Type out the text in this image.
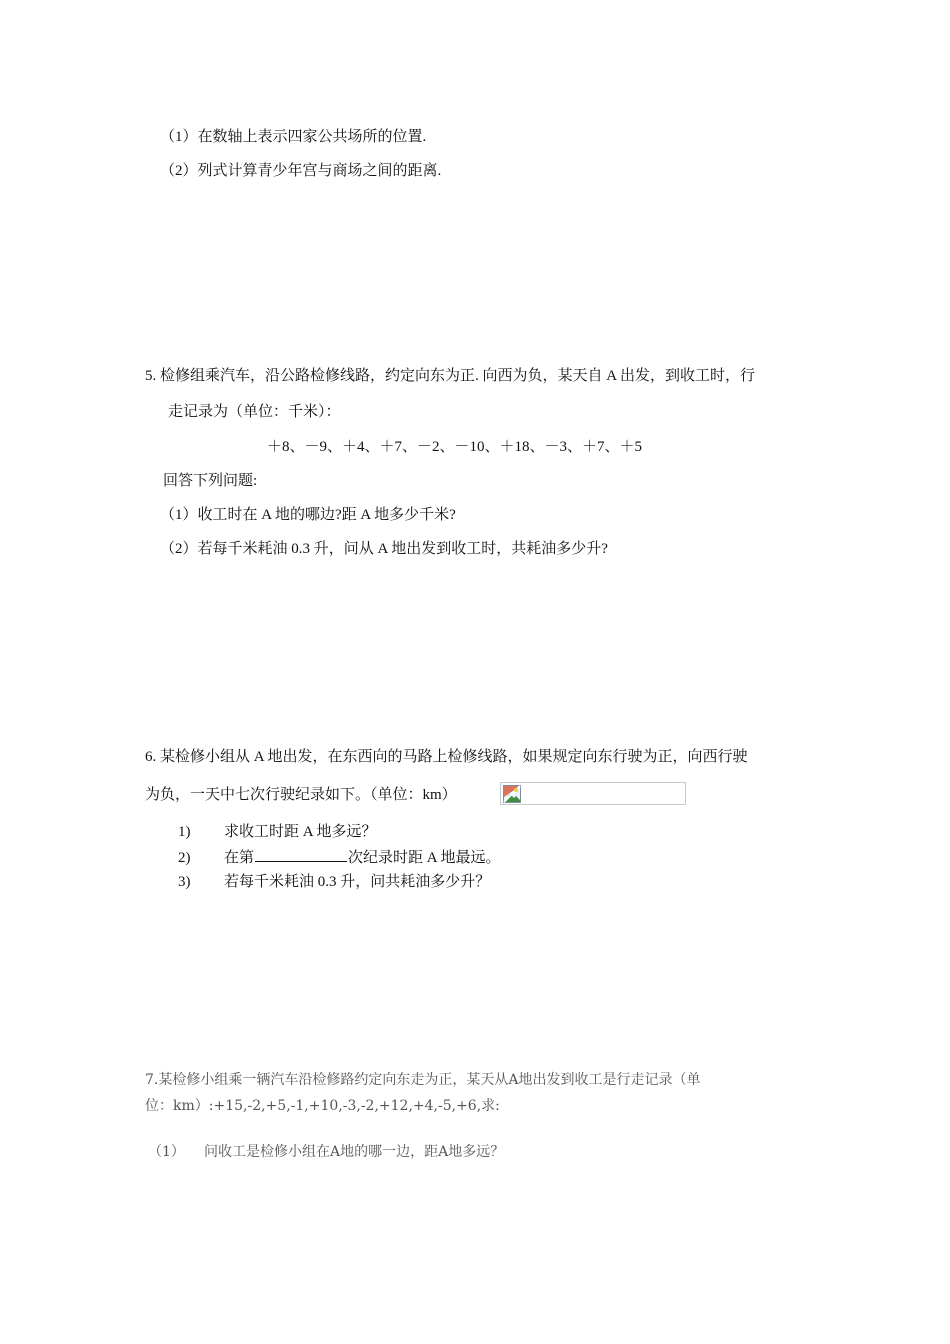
（1）在数轴上表示四家公共场所的位置.
（2）列式计算青少年宫与商场之间的距离.
5. 检修组乘汽车，沿公路检修线路，约定向东为正. 向西为负，某天自 A 出发，到收工时，行
走记录为（单位：千米）：
＋8、－9、＋4、＋7、－2、－10、＋18、－3、＋7、＋5
回答下列问题:
（1）收工时在 A 地的哪边?距 A 地多少千米?
（2）若每千米耗油 0.3 升，问从 A 地出发到收工时，共耗油多少升?
6. 某检修小组从 A 地出发，在东西向的马路上检修线路，如果规定向东行驶为正，向西行驶
为负，一天中七次行驶纪录如下。（单位：km）
1) 求收工时距 A 地多远？
2) 在第	次纪录时距 A 地最远。
3) 若每千米耗油 0.3 升，问共耗油多少升？
7.某检修小组乘一辆汽车沿检修路约定向东走为正，某天从A地出发到收工是行走记录（单
位：km）:+15,-2,+5,-1,+10,-3,-2,+12,+4,-5,+6,求:
（1） 问收工是检修小组在A地的哪一边，距A地多远？
